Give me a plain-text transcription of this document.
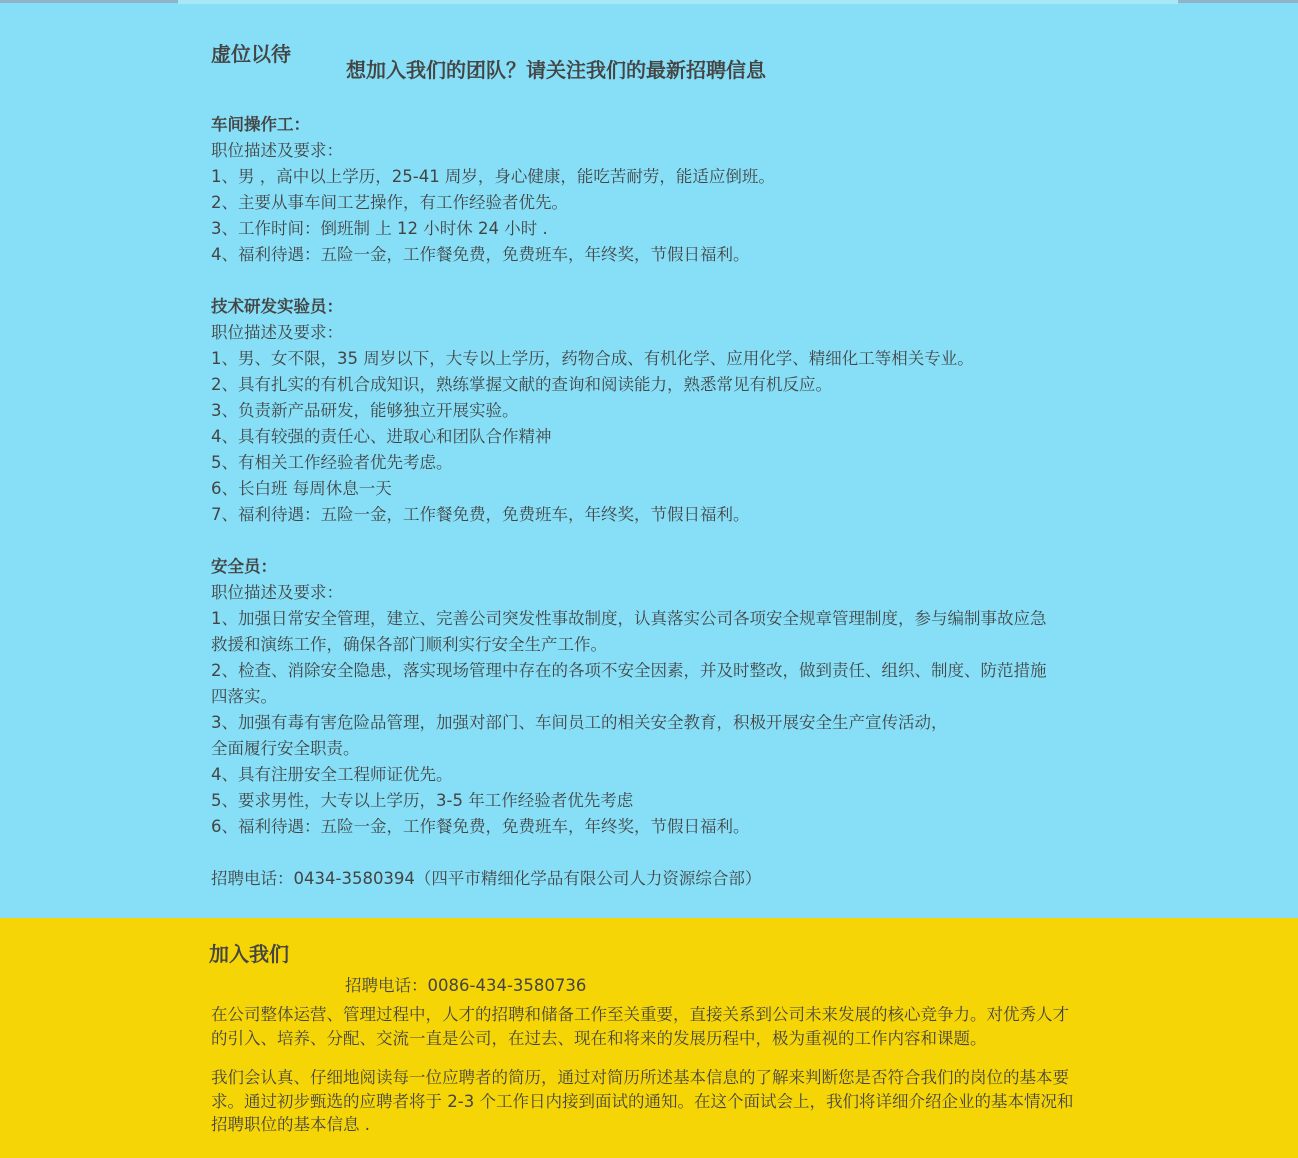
虚位以待
想加入我们的团队？请关注我们的最新招聘信息
车间操作工：
职位描述及要求：
1、男 ，高中以上学历，25-41 周岁，身心健康，能吃苦耐劳，能适应倒班。
2、主要从事车间工艺操作，有工作经验者优先。
3、工作时间：倒班制 上 12 小时休 24 小时 .
4、福利待遇：五险一金，工作餐免费，免费班车，年终奖，节假日福利。
技术研发实验员：
职位描述及要求：
1、男、女不限，35 周岁以下，大专以上学历，药物合成、有机化学、应用化学、精细化工等相关专业。
2、具有扎实的有机合成知识，熟练掌握文献的查询和阅读能力，熟悉常见有机反应。
3、负责新产品研发，能够独立开展实验。
4、具有较强的责任心、进取心和团队合作精神
5、有相关工作经验者优先考虑。
6、长白班 每周休息一天
7、福利待遇：五险一金，工作餐免费，免费班车，年终奖，节假日福利。
安全员：
职位描述及要求：
1、加强日常安全管理，建立、完善公司突发性事故制度，认真落实公司各项安全规章管理制度，参与编制事故应急
救援和演练工作，确保各部门顺利实行安全生产工作。
2、检查、消除安全隐患，落实现场管理中存在的各项不安全因素，并及时整改，做到责任、组织、制度、防范措施
四落实。
3、加强有毒有害危险品管理，加强对部门、车间员工的相关安全教育，积极开展安全生产宣传活动，
全面履行安全职责。
4、具有注册安全工程师证优先。
5、要求男性，大专以上学历，3-5 年工作经验者优先考虑
6、福利待遇：五险一金，工作餐免费，免费班车，年终奖，节假日福利。
招聘电话：0434-3580394（四平市精细化学品有限公司人力资源综合部）
加入我们
招聘电话：0086-434-3580736

在公司整体运营、管理过程中，人才的招聘和储备工作至关重要，直接关系到公司未来发展的核心竞争力。对优秀人才
的引入、培养、分配、交流一直是公司，在过去、现在和将来的发展历程中，极为重视的工作内容和课题。

我们会认真、仔细地阅读每一位应聘者的简历，通过对简历所述基本信息的了解来判断您是否符合我们的岗位的基本要
求。通过初步甄选的应聘者将于 2-3 个工作日内接到面试的通知。在这个面试会上，我们将详细介绍企业的基本情况和
招聘职位的基本信息 .
